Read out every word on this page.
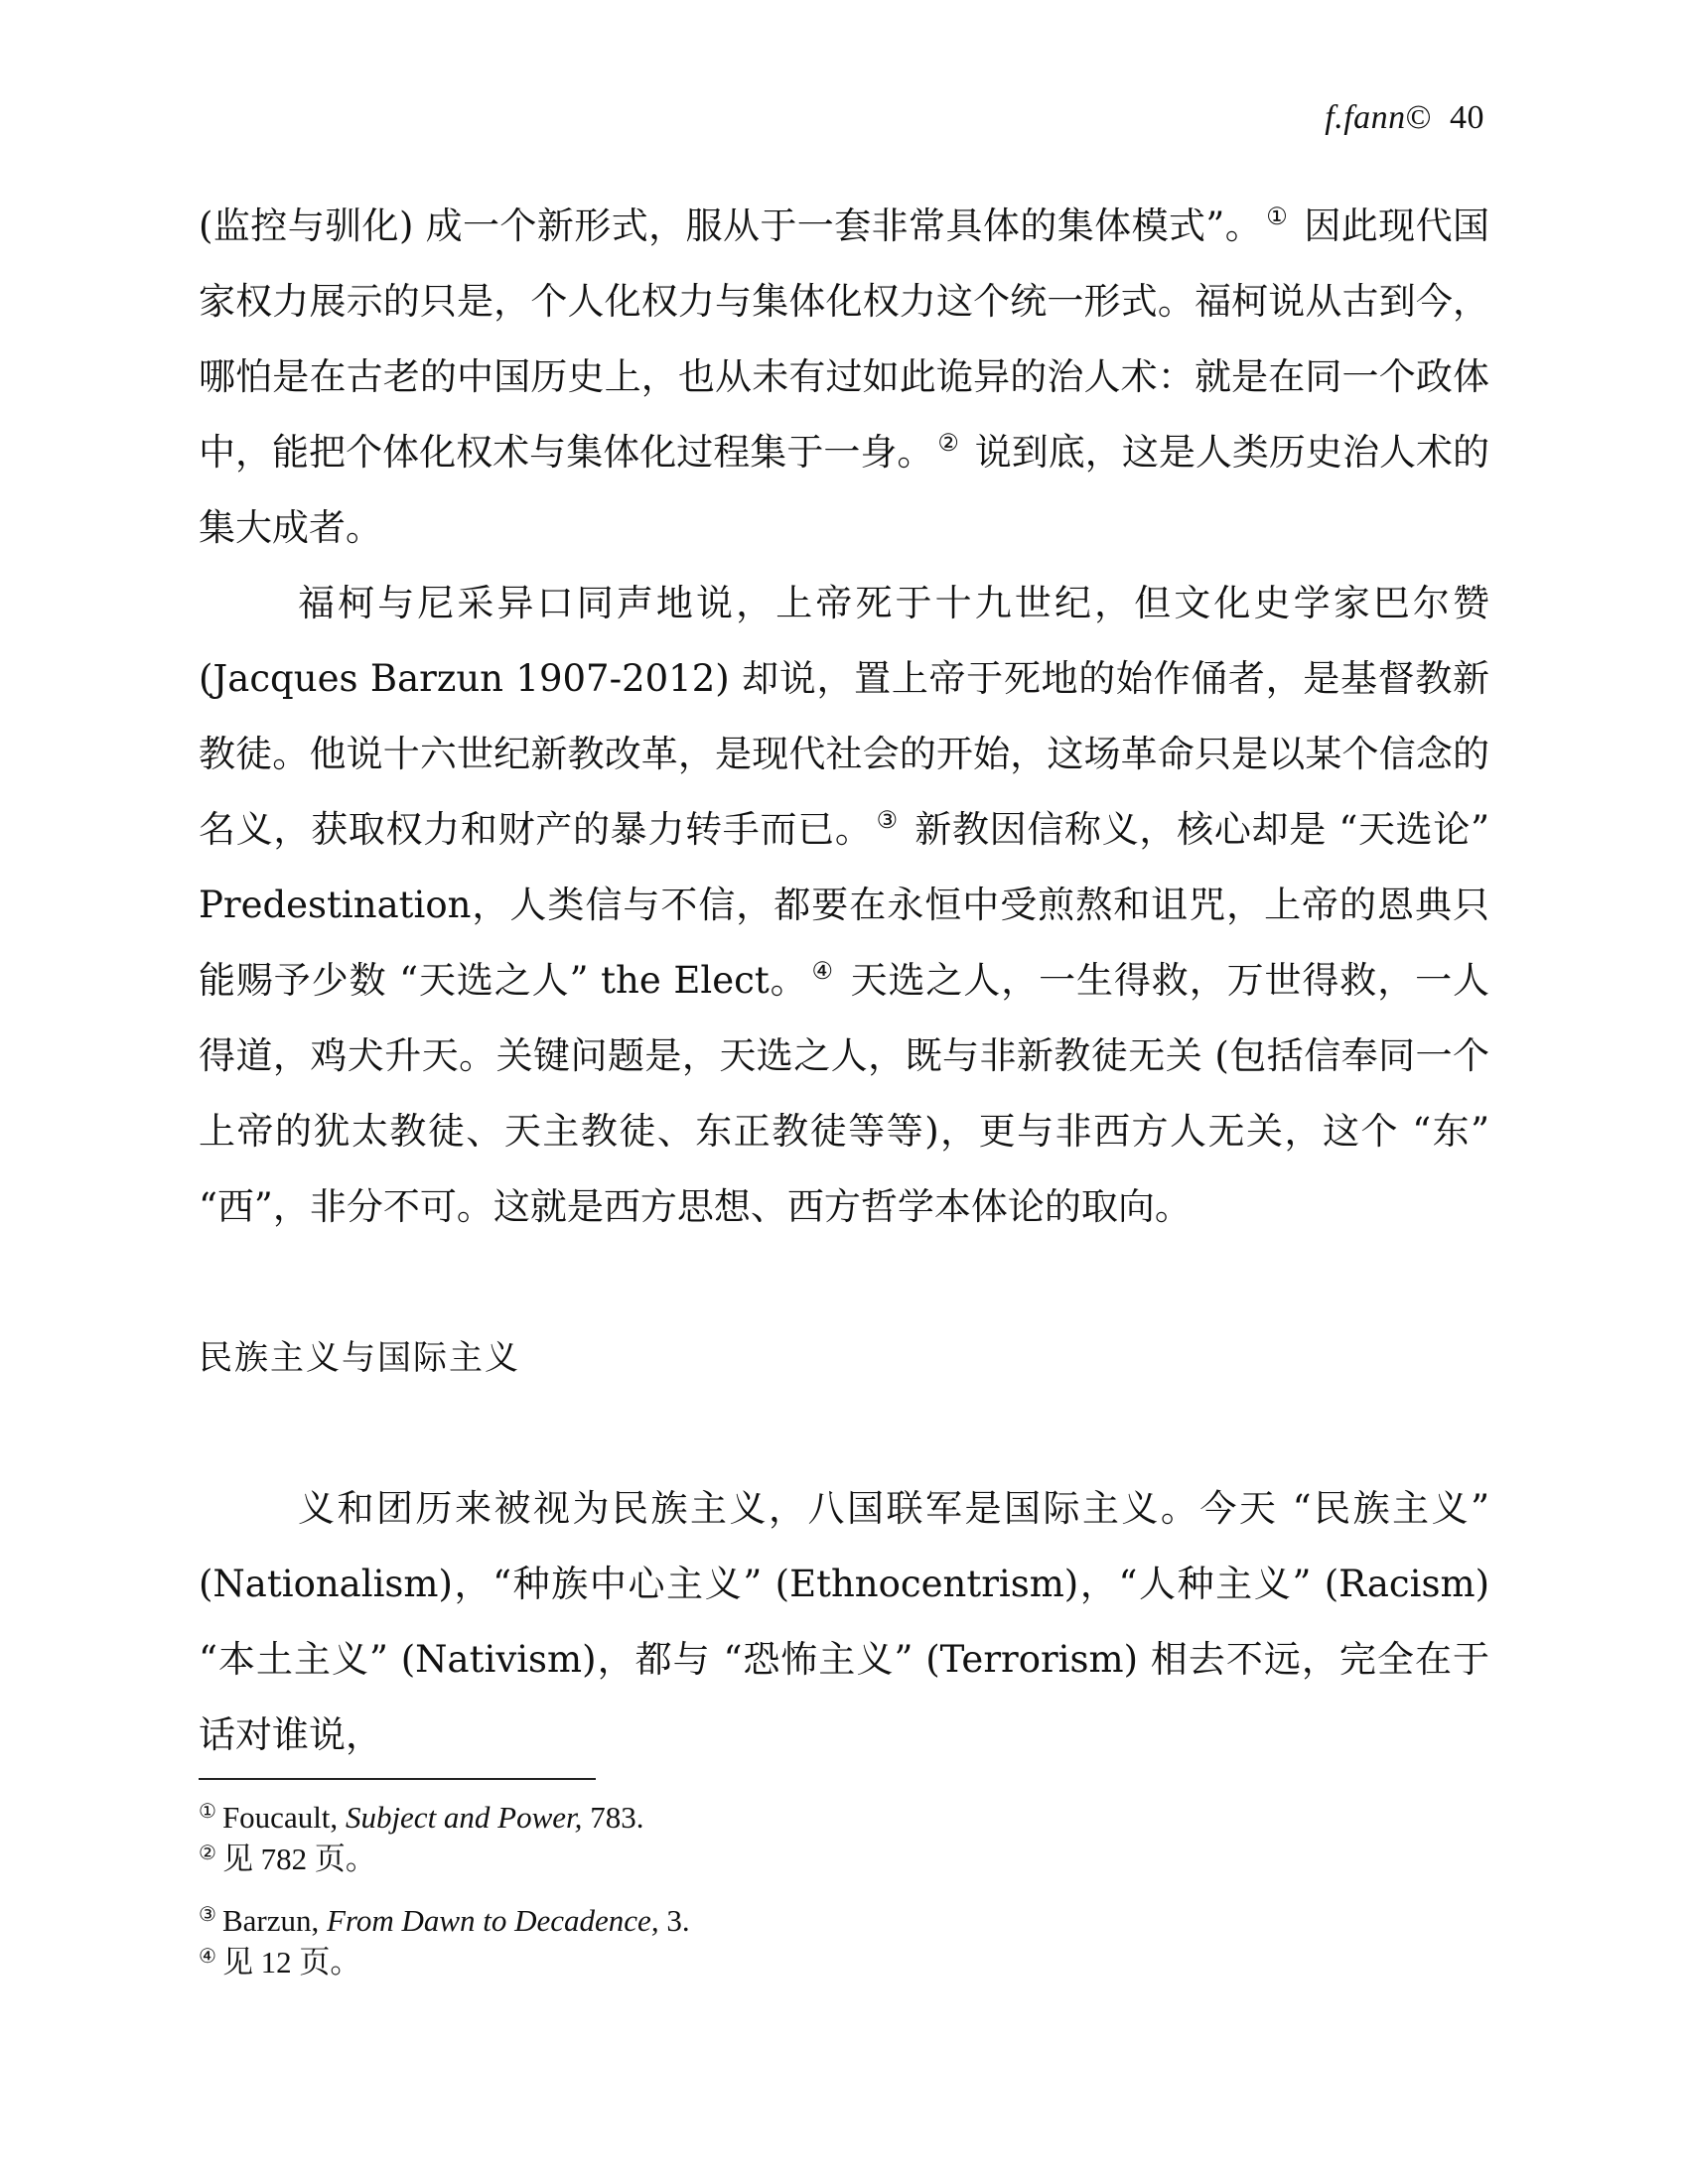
f.fann© 40

(监控与驯化) 成一个新形式，服从于一套非常具体的集体模式”。 ① 因此现代国家权力展示的只是，个人化权力与集体化权力这个统一形式。福柯说从古到今，哪怕是在古老的中国历史上，也从未有过如此诡异的治人术：就是在同一个政体中，能把个体化权术与集体化过程集于一身。 ② 说到底，这是人类历史治人术的集大成者。

福柯与尼采异口同声地说，上帝死于十九世纪，但文化史学家巴尔赞 (Jacques Barzun 1907-2012) 却说，置上帝于死地的始作俑者，是基督教新教徒。他说十六世纪新教改革，是现代社会的开始，这场革命只是以某个信念的名义，获取权力和财产的暴力转手而已。 ③ 新教因信称义，核心却是 “天选论” Predestination，人类信与不信，都要在永恒中受煎熬和诅咒，上帝的恩典只能赐予少数 “天选之人” the Elect。 ④ 天选之人，一生得救，万世得救，一人得道，鸡犬升天。关键问题是，天选之人，既与非新教徒无关 (包括信奉同一个上帝的犹太教徒、天主教徒、东正教徒等等)，更与非西方人无关，这个 “东” “西”，非分不可。这就是西方思想、西方哲学本体论的取向。

民族主义与国际主义

义和团历来被视为民族主义，八国联军是国际主义。今天 “民族主义” (Nationalism)，“种族中心主义” (Ethnocentrism)，“人种主义” (Racism) “本土主义” (Nativism)，都与 “恐怖主义” (Terrorism) 相去不远，完全在于话对谁说，

① Foucault, Subject and Power, 783.
② 见 782 页。
③ Barzun, From Dawn to Decadence, 3.
④ 见 12 页。
